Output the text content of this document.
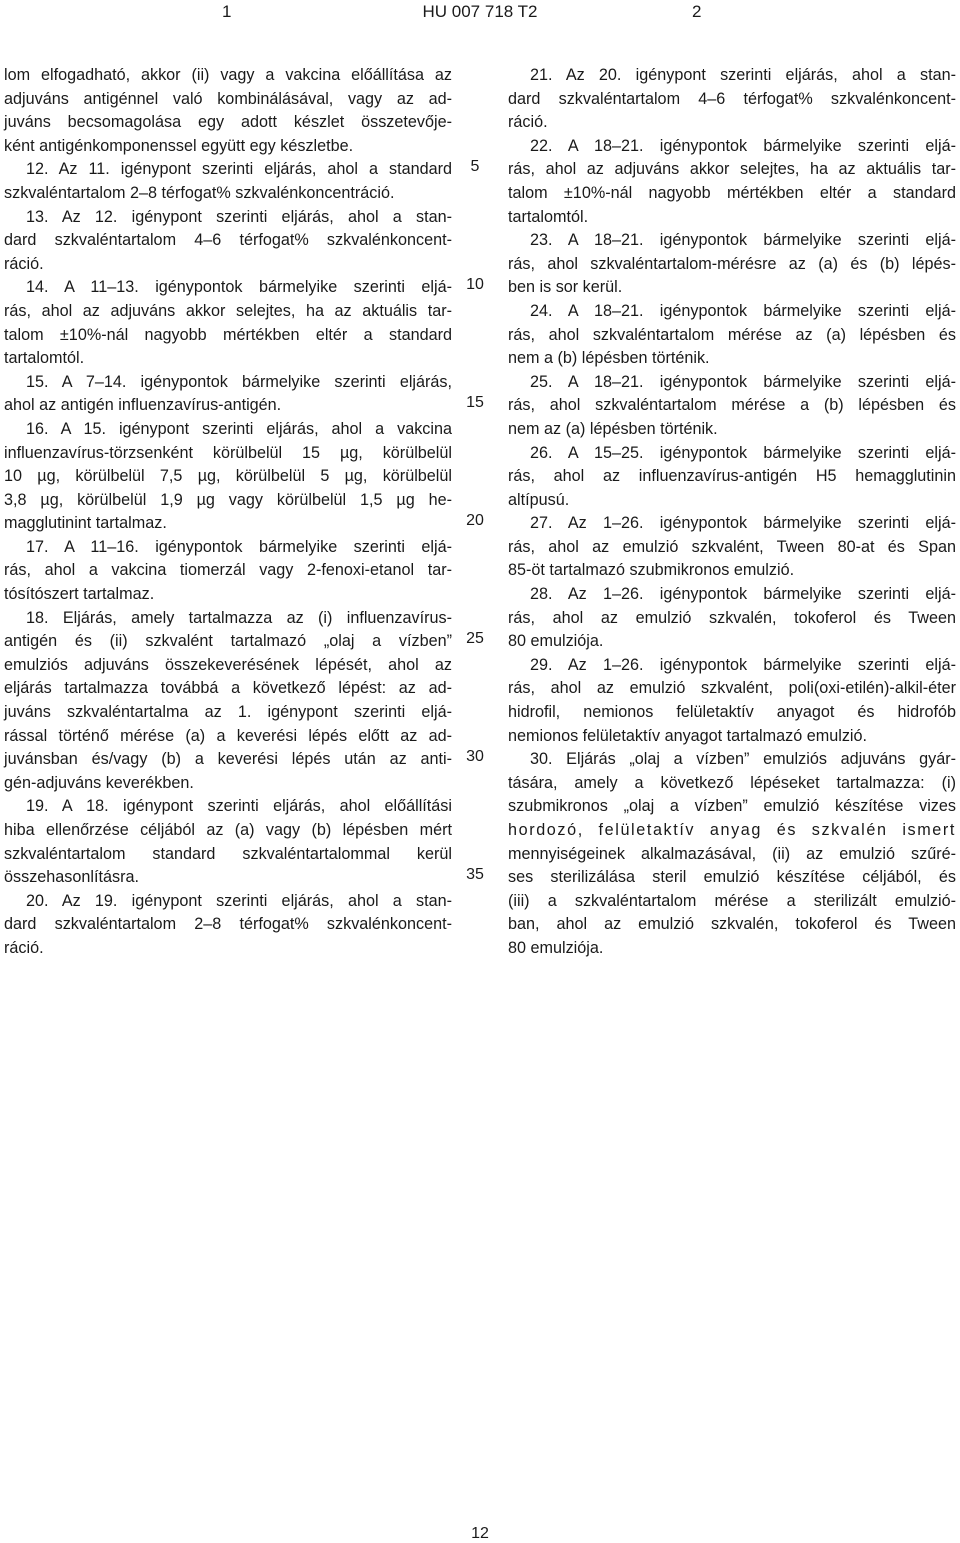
1	HU 007 718 T2	2
lom elfogadható, akkor (ii) vagy a vakcina előállítása az
adjuváns antigénnel való kombinálásával, vagy az ad-
juváns becsomagolása egy adott készlet összetevője-
ként antigénkomponenssel együtt egy készletbe.
12. Az 11. igénypont szerinti eljárás, ahol a standard
szkvaléntartalom 2–8 térfogat% szkvalénkoncentráció.
13. Az 12. igénypont szerinti eljárás, ahol a stan-
dard szkvaléntartalom 4–6 térfogat% szkvalénkoncent-
ráció.
14. A 11–13. igénypontok bármelyike szerinti eljá-
rás, ahol az adjuváns akkor selejtes, ha az aktuális tar-
talom ±10%-nál nagyobb mértékben eltér a standard
tartalomtól.
15. A 7–14. igénypontok bármelyike szerinti eljárás,
ahol az antigén influenzavírus-antigén.
16. A 15. igénypont szerinti eljárás, ahol a vakcina
influenzavírus-törzsenként körülbelül 15 µg, körülbelül
10 µg, körülbelül 7,5 µg, körülbelül 5 µg, körülbelül
3,8 µg, körülbelül 1,9 µg vagy körülbelül 1,5 µg he-
magglutinint tartalmaz.
17. A 11–16. igénypontok bármelyike szerinti eljá-
rás, ahol a vakcina tiomerzál vagy 2-fenoxi-etanol tar-
tósítószert tartalmaz.
18. Eljárás, amely tartalmazza az (i) influenzavírus-
antigén és (ii) szkvalént tartalmazó „olaj a vízben”
emulziós adjuváns összekeverésének lépését, ahol az
eljárás tartalmazza továbbá a következő lépést: az ad-
juváns szkvaléntartalma az 1. igénypont szerinti eljá-
rással történő mérése (a) a keverési lépés előtt az ad-
juvánsban és/vagy (b) a keverési lépés után az anti-
gén-adjuváns keverékben.
19. A 18. igénypont szerinti eljárás, ahol előállítási
hiba ellenőrzése céljából az (a) vagy (b) lépésben mért
szkvaléntartalom standard szkvaléntartalommal kerül
összehasonlításra.
20. Az 19. igénypont szerinti eljárás, ahol a stan-
dard szkvaléntartalom 2–8 térfogat% szkvalénkoncent-
ráció.
21. Az 20. igénypont szerinti eljárás, ahol a stan-
dard szkvaléntartalom 4–6 térfogat% szkvalénkoncent-
ráció.
22. A 18–21. igénypontok bármelyike szerinti eljá-
rás, ahol az adjuváns akkor selejtes, ha az aktuális tar-
talom ±10%-nál nagyobb mértékben eltér a standard
tartalomtól.
23. A 18–21. igénypontok bármelyike szerinti eljá-
rás, ahol szkvaléntartalom-mérésre az (a) és (b) lépés-
ben is sor kerül.
24. A 18–21. igénypontok bármelyike szerinti eljá-
rás, ahol szkvaléntartalom mérése az (a) lépésben és
nem a (b) lépésben történik.
25. A 18–21. igénypontok bármelyike szerinti eljá-
rás, ahol szkvaléntartalom mérése a (b) lépésben és
nem az (a) lépésben történik.
26. A 15–25. igénypontok bármelyike szerinti eljá-
rás, ahol az influenzavírus-antigén H5 hemagglutinin
altípusú.
27. Az 1–26. igénypontok bármelyike szerinti eljá-
rás, ahol az emulzió szkvalént, Tween 80-at és Span
85-öt tartalmazó szubmikronos emulzió.
28. Az 1–26. igénypontok bármelyike szerinti eljá-
rás, ahol az emulzió szkvalén, tokoferol és Tween
80 emulziója.
29. Az 1–26. igénypontok bármelyike szerinti eljá-
rás, ahol az emulzió szkvalént, poli(oxi-etilén)-alkil-éter
hidrofil, nemionos felületaktív anyagot és hidrofób
nemionos felületaktív anyagot tartalmazó emulzió.
30. Eljárás „olaj a vízben” emulziós adjuváns gyár-
tására, amely a következő lépéseket tartalmazza: (i)
szubmikronos „olaj a vízben” emulzió készítése vizes
hordozó, felületaktív anyag és szkvalén ismert
mennyiségeinek alkalmazásával, (ii) az emulzió szűré-
ses sterilizálása steril emulzió készítése céljából, és
(iii) a szkvaléntartalom mérése a sterilizált emulzió-
ban, ahol az emulzió szkvalén, tokoferol és Tween
80 emulziója.
5
10
15
20
25
30
35
12
